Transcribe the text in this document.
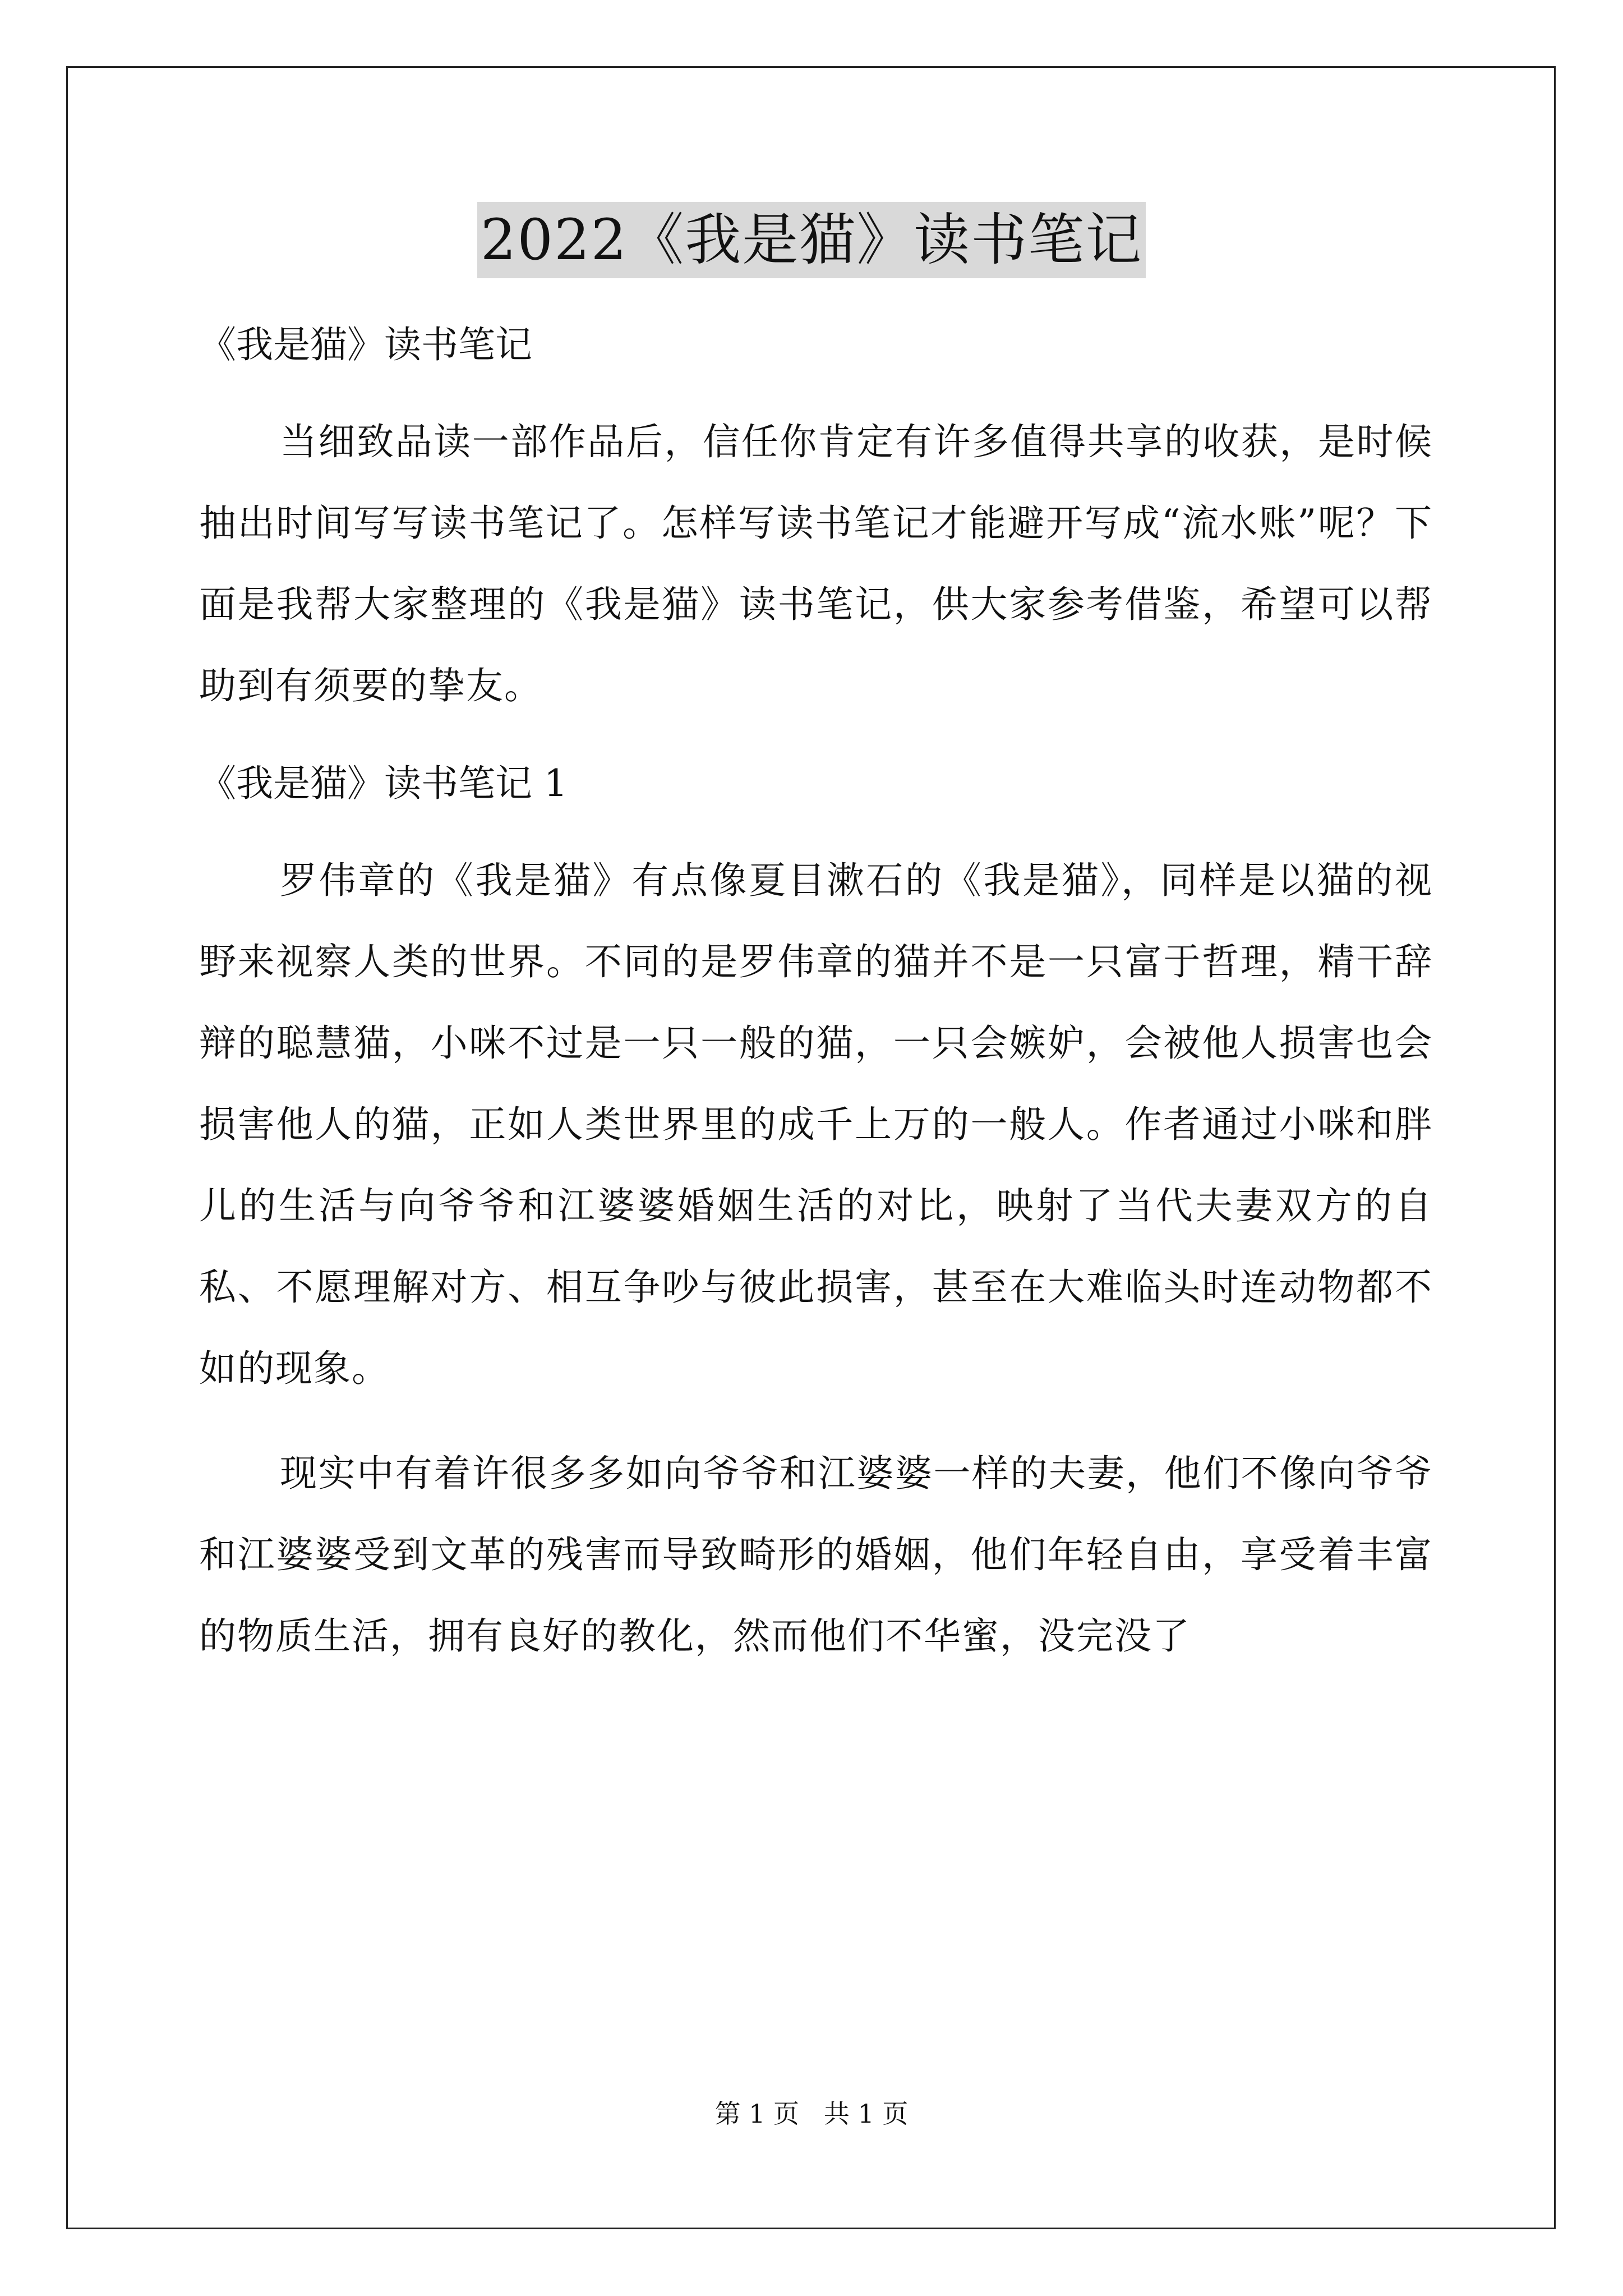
2022《我是猫》读书笔记
《我是猫》读书笔记

当细致品读一部作品后，信任你肯定有许多值得共享的收获，是时候抽出时间写写读书笔记了。怎样写读书笔记才能避开写成“流水账”呢？下面是我帮大家整理的《我是猫》读书笔记，供大家参考借鉴，希望可以帮助到有须要的挚友。

《我是猫》读书笔记 1

罗伟章的《我是猫》有点像夏目漱石的《我是猫》，同样是以猫的视野来视察人类的世界。不同的是罗伟章的猫并不是一只富于哲理，精干辞辩的聪慧猫，小咪不过是一只一般的猫，一只会嫉妒，会被他人损害也会损害他人的猫，正如人类世界里的成千上万的一般人。作者通过小咪和胖儿的生活与向爷爷和江婆婆婚姻生活的对比，映射了当代夫妻双方的自私、不愿理解对方、相互争吵与彼此损害，甚至在大难临头时连动物都不如的现象。

现实中有着许很多多如向爷爷和江婆婆一样的夫妻，他们不像向爷爷和江婆婆受到文革的残害而导致畸形的婚姻，他们年轻自由，享受着丰富的物质生活，拥有良好的教化，然而他们不华蜜，没完没了

第 1 页   共 1 页
